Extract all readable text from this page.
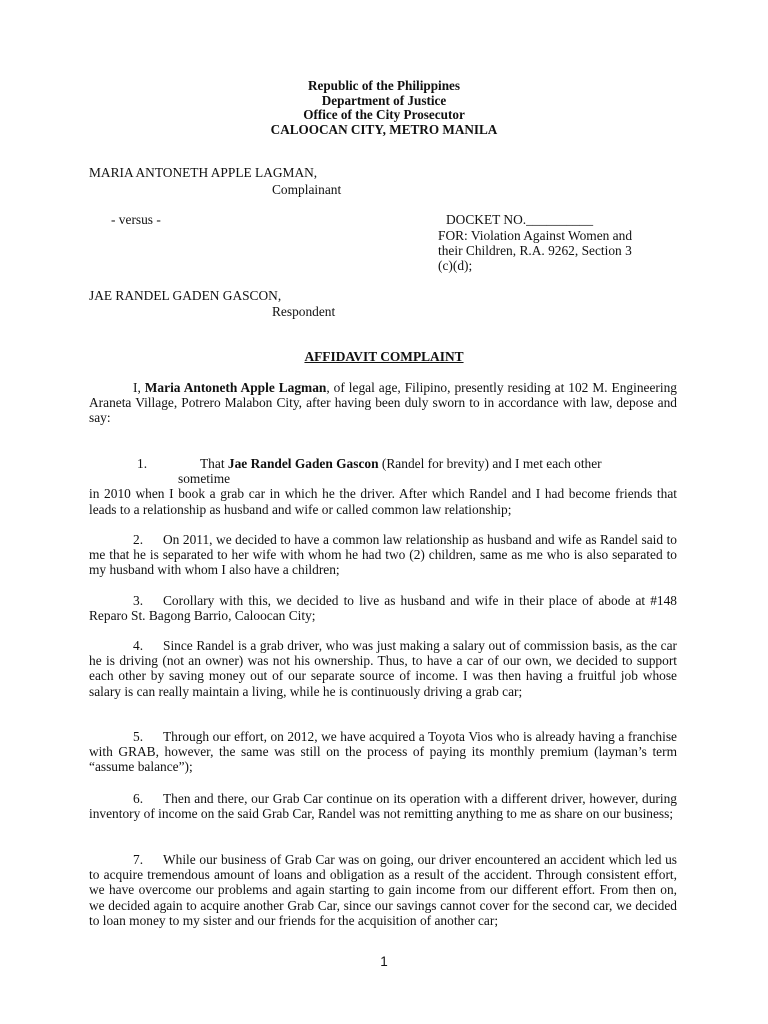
Republic of the Philippines
Department of Justice
Office of the City Prosecutor
CALOOCAN CITY, METRO MANILA
MARIA ANTONETH APPLE LAGMAN,
Complainant
- versus -	DOCKET NO.__________
FOR: Violation Against Women and
their Children, R.A. 9262, Section 3
(c)(d);
JAE RANDEL GADEN GASCON,
Respondent
AFFIDAVIT COMPLAINT
I, Maria Antoneth Apple Lagman, of legal age, Filipino, presently residing at 102 M. Engineering Araneta Village, Potrero Malabon City, after having been duly sworn to in accordance with law, depose and say:
1.	That Jae Randel Gaden Gascon (Randel for brevity) and I met each other
sometime
in 2010 when I book a grab car in which he the driver. After which Randel and I had become friends that leads to a relationship as husband and wife or called common law relationship;
2. On 2011, we decided to have a common law relationship as husband and wife as Randel said to me that he is separated to her wife with whom he had two (2) children, same as me who is also separated to my husband with whom I also have a children;
3. Corollary with this, we decided to live as husband and wife in their place of abode at #148 Reparo St. Bagong Barrio, Caloocan City;
4. Since Randel is a grab driver, who was just making a salary out of commission basis, as the car he is driving (not an owner) was not his ownership. Thus, to have a car of our own, we decided to support each other by saving money out of our separate source of income. I was then having a fruitful job whose salary is can really maintain a living, while he is continuously driving a grab car;
5. Through our effort, on 2012, we have acquired a Toyota Vios who is already having a franchise with GRAB, however, the same was still on the process of paying its monthly premium (layman’s term “assume balance”);
6. Then and there, our Grab Car continue on its operation with a different driver, however, during inventory of income on the said Grab Car, Randel was not remitting anything to me as share on our business;
7. While our business of Grab Car was on going, our driver encountered an accident which led us to acquire tremendous amount of loans and obligation as a result of the accident. Through consistent effort, we have overcome our problems and again starting to gain income from our different effort. From then on, we decided again to acquire another Grab Car, since our savings cannot cover for the second car, we decided to loan money to my sister and our friends for the acquisition of another car;
1
